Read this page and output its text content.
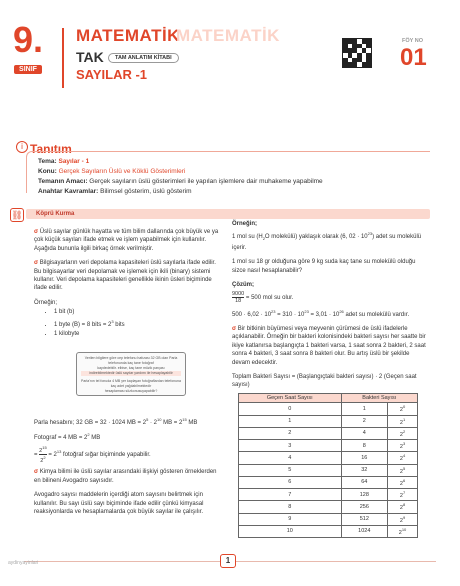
9.
SINIF
MATEMATİK
MATEMATİK
TAK	TAM ANLATIM KİTABI
SAYILAR -1
FÖY NO
01
i Tanıtım
Tema: Sayılar - 1
Konu: Gerçek Sayıların Üslü ve Köklü Gösterimleri
Temanın Amacı: Gerçek sayıların üslü gösterimleri ile yapılan işlemlere dair muhakeme yapabilme
Anahtar Kavramlar: Bilimsel gösterim, üslü gösterim
⛓	Köprü Kurma

σ Üslü sayılar günlük hayatta ve tüm bilim dallarında çok büyük ve ya çok küçük sayıları ifade etmek ve işlem yapabilmek için kullanılır. Aşağıda bununla ilgili birkaç örnek verilmiştir.

σ Bilgisayarların veri depolama kapasiteleri üslü sayılarla ifade edilir. Bu bilgisayarlar veri depolamak ve işlemek için ikili (binary) sistemi kullanır. Veri depolama kapasiteleri genellikle ikinin üsleri biçiminde ifade edilir.

Örneğin;

• 1 bit (b)
• 1 byte (B) = 8 bits = $2^3$ bits
• 1 kilobyte
Verilen bilgilere göre cep telefonu hafızası 32 GB olan Parla telefonunda kaç tane fotoğraf
kaydedebilir. elbise, kaç tane müzik parçası
indirebilmektedir üslü sayılar yardımı ile hesaplayabilir
Parla'nın tel fonuda 4 MB yer kaplayan fotoğraflardan telefonuna kaç adet yağılabilmektedir
hesaplaması sözkonusuyapabilir?

Parla hesabını; 32 GB = 32 · 1024 MB = $2^5 \cdot 2^{10}$ MB = $2^{15}$ MB

Fotograf = 4 MB = $2^2$ MB

= $\frac{2^{15}}{2^2} = 2^{13}$ fotoğraf sığar biçiminde yapabilir.

σ Kimya bilimi ile üslü sayılar arasındaki ilişkiyi gösteren örneklerden en bilineni Avogadro sayısıdır.

Avogadro sayısı maddelerin içerdiği atom sayısını belirtmek için kullanılır. Bu sayı üslü sayı biçiminde ifade edilir çünkü kimyasal reaksiyonlarda ve hesaplamalarda çok büyük sayılar ile çalışılır.

Örneğin;

1 mol su ($H_2O$ molekülü) yaklaşık olarak (6, $02 \cdot 10^{23}$) adet su molekülü içerir.

1 mol su 18 gr olduğuna göre 9 kg suda kaç tane su molekülü olduğu sizce nasıl hesaplanabilir?

Çözüm;

$\frac{9000}{18} = 500$ mol su olur.

$500 \cdot 6,02 \cdot 10^{23} = 310 \cdot 10^{23} = 3,01 \cdot 10^{26}$ adet su molekülü vardır.

σ Bir bitkinin büyümesi veya meyvenin çürümesi de üslü ifadelerle açıklanabilir. Örneğin bir bakteri kolonisindeki bakteri sayısı her saatte bir ikiye katlanırsa başlangıçta 1 bakteri varsa, 1 saat sonra 2 bakteri, 2 saat sonra 4 bakteri, 3 saat sonra 8 bakteri olur. Bu artış üslü bir şekilde devam edecektir.

Toplam Bakteri Sayısı = (Başlangıçtaki bakteri sayısı) · 2 (Geçen saat sayısı)

Geçen Saat Sayısı	Bakteri Sayısı	
0	1	$2^0$
1	2	$2^1$
2	4	$2^2$
3	8	$2^3$
4	16	$2^4$
5	32	$2^5$
6	64	$2^6$
7	128	$2^7$
8	256	$2^8$
9	512	$2^9$
10	1024	$2^{10}$
aydinyayinlari	1
